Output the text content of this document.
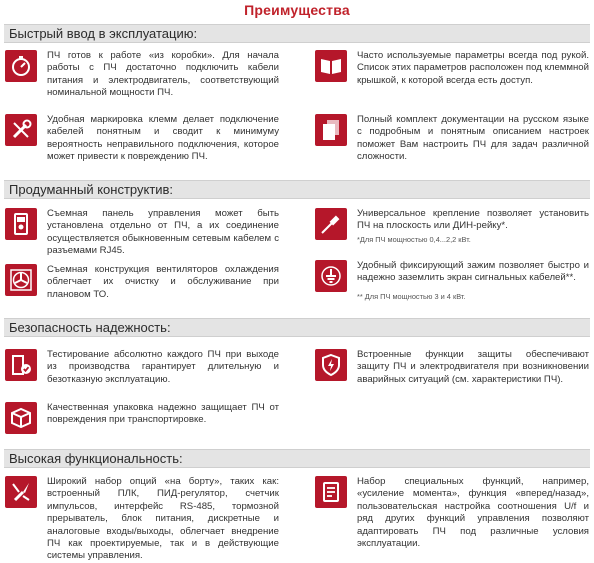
Преимущества
Быстрый ввод в эксплуатацию:
ПЧ готов к работе «из коробки». Для начала работы с ПЧ достаточно подключить кабели питания и электродвигатель, соответствующий номинальной мощности ПЧ.
Часто используемые параметры всегда под рукой. Список этих параметров расположен под клеммной крышкой, к которой всегда есть доступ.
Удобная маркировка клемм делает подключение кабелей понятным и сводит к минимуму вероятность неправильного подключения, которое может привести к повреждению ПЧ.
Полный комплект документации на русском языке с подробным и понятным описанием настроек поможет Вам настроить ПЧ для задач различной сложности.
Продуманный конструктив:
Съемная панель управления может быть установлена отдельно от ПЧ, а их соединение осуществляется обыкновенным сетевым кабелем с разъемами RJ45.
Универсальное крепление позволяет установить ПЧ на плоскость или ДИН-рейку*.
*Для ПЧ мощностью 0,4...2,2 кВт.
Съемная конструкция вентиляторов охлаждения облегчает их очистку и обслуживание при плановом ТО.
Удобный фиксирующий зажим позволяет быстро и надежно заземлить экран сигнальных кабелей**.
** Для ПЧ мощностью 3 и 4 кВт.
Безопасность надежность:
Тестирование абсолютно каждого ПЧ при выходе из производства гарантирует длительную и безотказную эксплуатацию.
Встроенные функции защиты обеспечивают защиту ПЧ и электродвигателя при возникновении аварийных ситуаций (см. характеристики ПЧ).
Качественная упаковка надежно защищает ПЧ от повреждения при транспортировке.
Высокая функциональность:
Широкий набор опций «на борту», таких как: встроенный ПЛК, ПИД-регулятор, счетчик импульсов, интерфейс RS-485, тормозной прерыватель, блок питания, дискретные и аналоговые входы/выходы, облегчает внедрение ПЧ как проектируемые, так и в действующие системы управления.
Набор специальных функций, например, «усиление момента», функция «вперед/назад», пользовательская настройка соотношения U/f и ряд других функций управления позволяют адаптировать ПЧ под различные условия эксплуатации.
